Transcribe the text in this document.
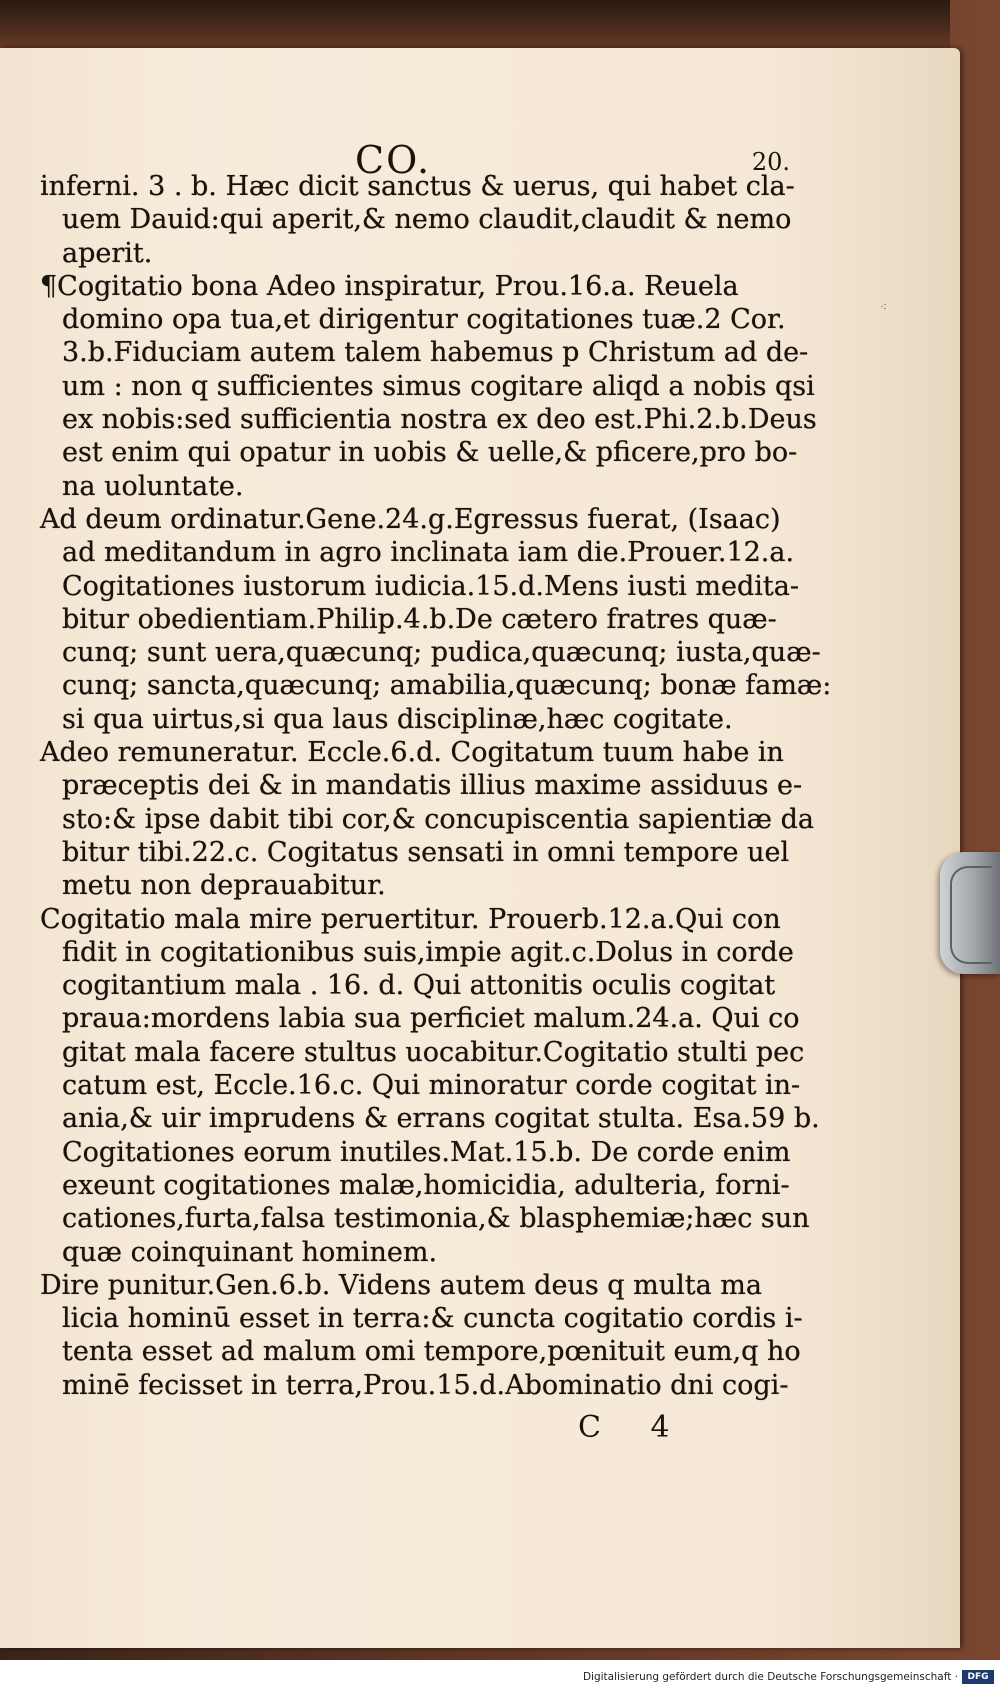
⁖
CO.	20.
inferni. 3 . b. Hæc dicit sanctus & uerus, qui habet cla-
uem Dauid:qui aperit,& nemo claudit,claudit & nemo
aperit.
¶Cogitatio bona Adeo inspiratur, Prou.16.a. Reuela
domino opa tua,et dirigentur cogitationes tuæ.2 Cor.
3.b.Fiduciam autem talem habemus p Christum ad de-
um : non q sufficientes simus cogitare aliqd a nobis qsi
ex nobis:sed sufficientia nostra ex deo est.Phi.2.b.Deus
est enim qui opatur in uobis & uelle,& pficere,pro bo-
na uoluntate.
Ad deum ordinatur.Gene.24.g.Egressus fuerat, (Isaac)
ad meditandum in agro inclinata iam die.Prouer.12.a.
Cogitationes iustorum iudicia.15.d.Mens iusti medita-
bitur obedientiam.Philip.4.b.De cætero fratres quæ-
cunq; sunt uera,quæcunq; pudica,quæcunq; iusta,quæ-
cunq; sancta,quæcunq; amabilia,quæcunq; bonæ famæ:
si qua uirtus,si qua laus disciplinæ,hæc cogitate.
Adeo remuneratur. Eccle.6.d. Cogitatum tuum habe in
præceptis dei & in mandatis illius maxime assiduus e-
sto:& ipse dabit tibi cor,& concupiscentia sapientiæ da
bitur tibi.22.c. Cogitatus sensati in omni tempore uel
metu non deprauabitur.
Cogitatio mala mire peruertitur. Prouerb.12.a.Qui con
fidit in cogitationibus suis,impie agit.c.Dolus in corde
cogitantium mala . 16. d. Qui attonitis oculis cogitat
praua:mordens labia sua perficiet malum.24.a. Qui co
gitat mala facere stultus uocabitur.Cogitatio stulti pec
catum est, Eccle.16.c. Qui minoratur corde cogitat in-
ania,& uir imprudens & errans cogitat stulta. Esa.59 b.
Cogitationes eorum inutiles.Mat.15.b. De corde enim
exeunt cogitationes malæ,homicidia, adulteria, forni-
cationes,furta,falsa testimonia,& blasphemiæ;hæc sun
quæ coinquinant hominem.
Dire punitur.Gen.6.b. Videns autem deus q multa ma
licia hominū esset in terra:& cuncta cogitatio cordis i-
tenta esset ad malum omi tempore,pœnituit eum,q ho
minē fecisset in terra,Prou.15.d.Abominatio dni cogi-
C 4
Digitalisierung gefördert durch die Deutsche Forschungsgemeinschaft ·	DFG
